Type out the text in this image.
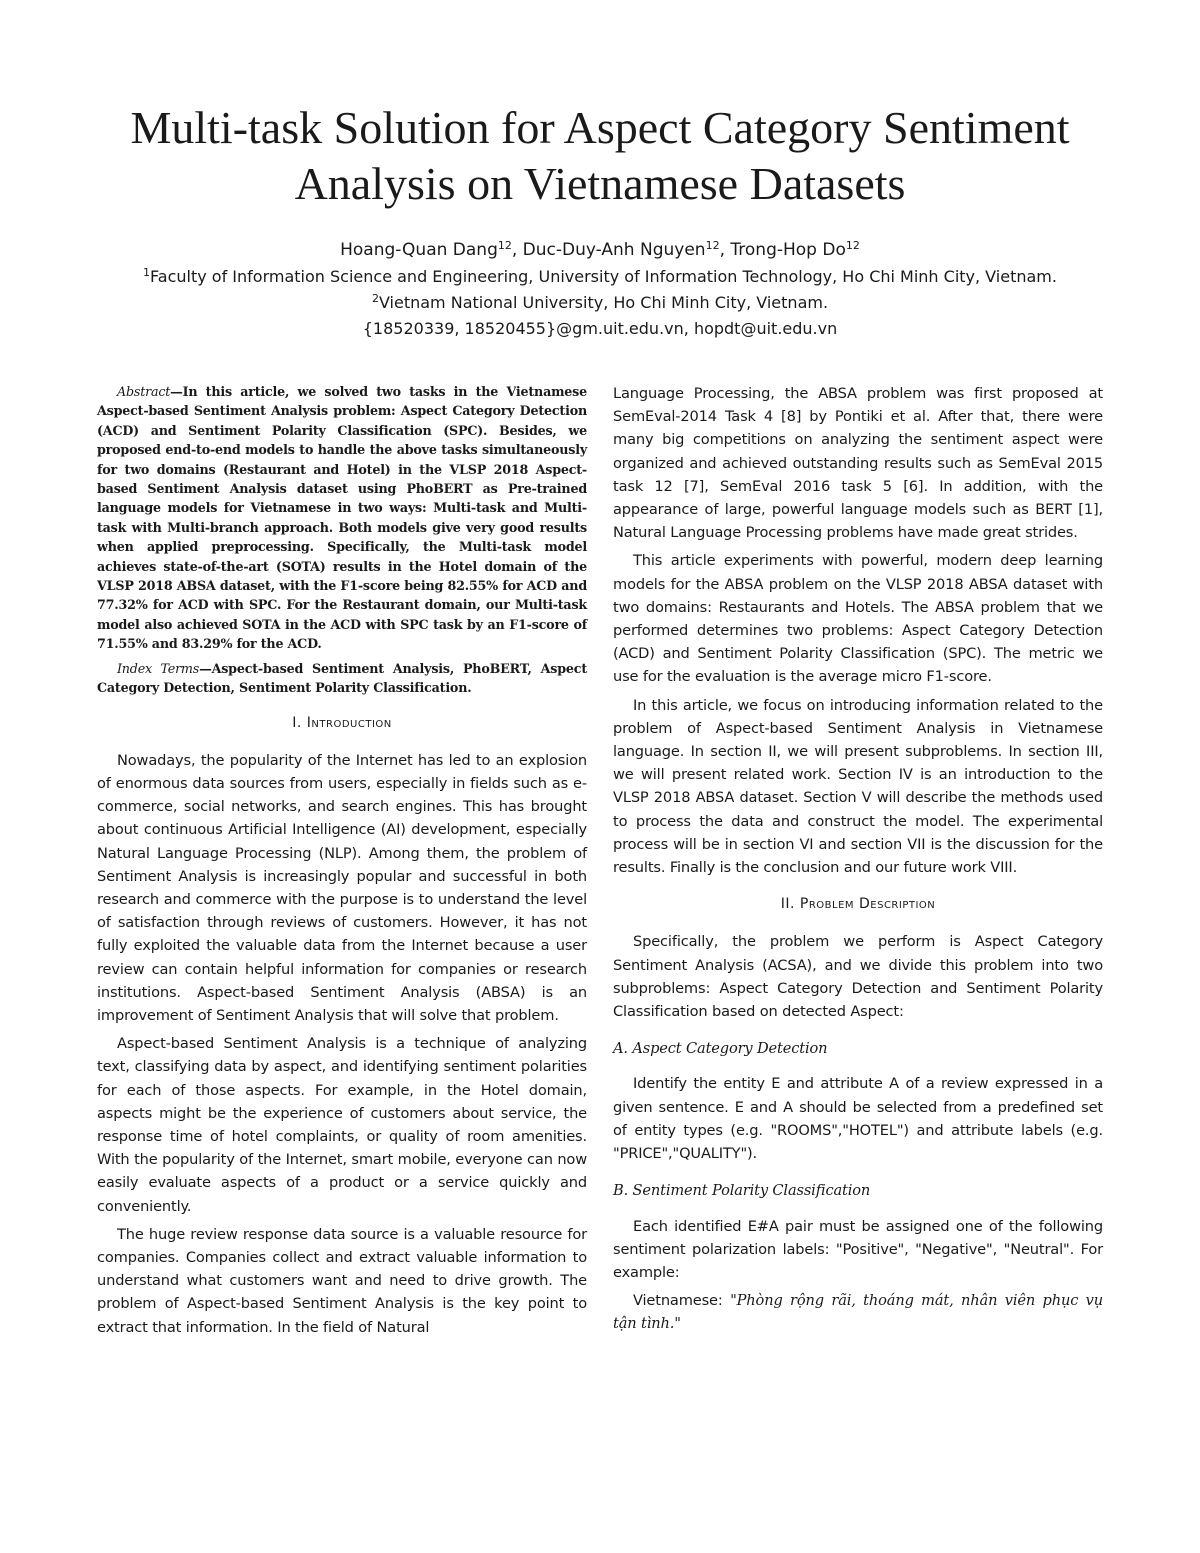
Multi-task Solution for Aspect Category Sentiment
Analysis on Vietnamese Datasets
Hoang-Quan Dang$^{12}$, Duc-Duy-Anh Nguyen$^{12}$, Trong-Hop Do$^{12}$
$^1$Faculty of Information Science and Engineering, University of Information Technology, Ho Chi Minh City, Vietnam.
$^2$Vietnam National University, Ho Chi Minh City, Vietnam.
{18520339, 18520455}@gm.uit.edu.vn, hopdt@uit.edu.vn

Abstract—In this article, we solved two tasks in the Vietnamese Aspect-based Sentiment Analysis problem: Aspect Category Detection (ACD) and Sentiment Polarity Classification (SPC). Besides, we proposed end-to-end models to handle the above tasks simultaneously for two domains (Restaurant and Hotel) in the VLSP 2018 Aspect-based Sentiment Analysis dataset using PhoBERT as Pre-trained language models for Vietnamese in two ways: Multi-task and Multi-task with Multi-branch approach. Both models give very good results when applied preprocessing. Specifically, the Multi-task model achieves state-of-the-art (SOTA) results in the Hotel domain of the VLSP 2018 ABSA dataset, with the F1-score being 82.55% for ACD and 77.32% for ACD with SPC. For the Restaurant domain, our Multi-task model also achieved SOTA in the ACD with SPC task by an F1-score of 71.55% and 83.29% for the ACD.

Index Terms—Aspect-based Sentiment Analysis, PhoBERT, Aspect Category Detection, Sentiment Polarity Classification.

I. Introduction

Nowadays, the popularity of the Internet has led to an explosion of enormous data sources from users, especially in fields such as e-commerce, social networks, and search engines. This has brought about continuous Artificial Intelligence (AI) development, especially Natural Language Processing (NLP). Among them, the problem of Sentiment Analysis is increasingly popular and successful in both research and commerce with the purpose is to understand the level of satisfaction through reviews of customers. However, it has not fully exploited the valuable data from the Internet because a user review can contain helpful information for companies or research institutions. Aspect-based Sentiment Analysis (ABSA) is an improvement of Sentiment Analysis that will solve that problem.

Aspect-based Sentiment Analysis is a technique of analyzing text, classifying data by aspect, and identifying sentiment polarities for each of those aspects. For example, in the Hotel domain, aspects might be the experience of customers about service, the response time of hotel complaints, or quality of room amenities. With the popularity of the Internet, smart mobile, everyone can now easily evaluate aspects of a product or a service quickly and conveniently.

The huge review response data source is a valuable resource for companies. Companies collect and extract valuable information to understand what customers want and need to drive growth. The problem of Aspect-based Sentiment Analysis is the key point to extract that information. In the field of Natural

Language Processing, the ABSA problem was first proposed at SemEval-2014 Task 4 [8] by Pontiki et al. After that, there were many big competitions on analyzing the sentiment aspect were organized and achieved outstanding results such as SemEval 2015 task 12 [7], SemEval 2016 task 5 [6]. In addition, with the appearance of large, powerful language models such as BERT [1], Natural Language Processing problems have made great strides.

This article experiments with powerful, modern deep learning models for the ABSA problem on the VLSP 2018 ABSA dataset with two domains: Restaurants and Hotels. The ABSA problem that we performed determines two problems: Aspect Category Detection (ACD) and Sentiment Polarity Classification (SPC). The metric we use for the evaluation is the average micro F1-score.

In this article, we focus on introducing information related to the problem of Aspect-based Sentiment Analysis in Vietnamese language. In section II, we will present subproblems. In section III, we will present related work. Section IV is an introduction to the VLSP 2018 ABSA dataset. Section V will describe the methods used to process the data and construct the model. The experimental process will be in section VI and section VII is the discussion for the results. Finally is the conclusion and our future work VIII.

II. Problem Description

Specifically, the problem we perform is Aspect Category Sentiment Analysis (ACSA), and we divide this problem into two subproblems: Aspect Category Detection and Sentiment Polarity Classification based on detected Aspect:

A. Aspect Category Detection

Identify the entity E and attribute A of a review expressed in a given sentence. E and A should be selected from a predefined set of entity types (e.g. "ROOMS","HOTEL") and attribute labels (e.g. "PRICE","QUALITY").

B. Sentiment Polarity Classification

Each identified E#A pair must be assigned one of the following sentiment polarization labels: "Positive", "Negative", "Neutral". For example:

Vietnamese: "Phòng rộng rãi, thoáng mát, nhân viên phục vụ tận tình."
